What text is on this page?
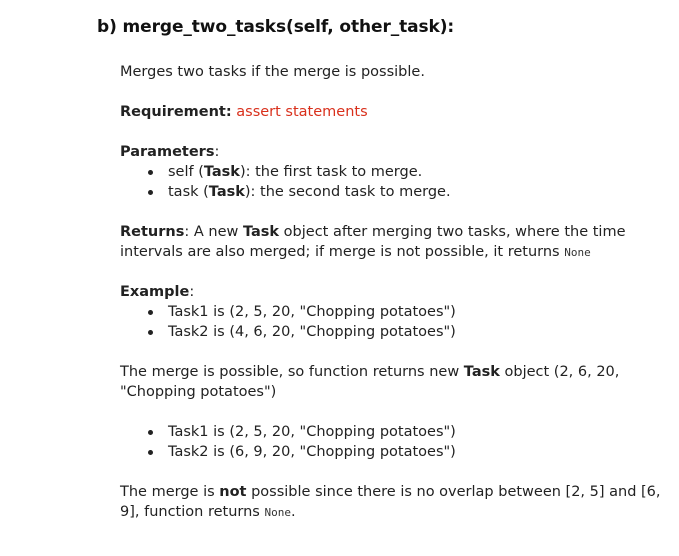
b) merge_two_tasks(self, other_task):
Merges two tasks if the merge is possible.
Requirement: assert statements
Parameters:
self (Task): the first task to merge.
task (Task): the second task to merge.
Returns: A new Task object after merging two tasks, where the time intervals are also merged; if merge is not possible, it returns None
Example:
Task1 is (2, 5, 20, "Chopping potatoes")
Task2 is (4, 6, 20, "Chopping potatoes")
The merge is possible, so function returns new Task object (2, 6, 20, "Chopping potatoes")
Task1 is (2, 5, 20, "Chopping potatoes")
Task2 is (6, 9, 20, "Chopping potatoes")
The merge is not possible since there is no overlap between [2, 5] and [6, 9], function returns None.
